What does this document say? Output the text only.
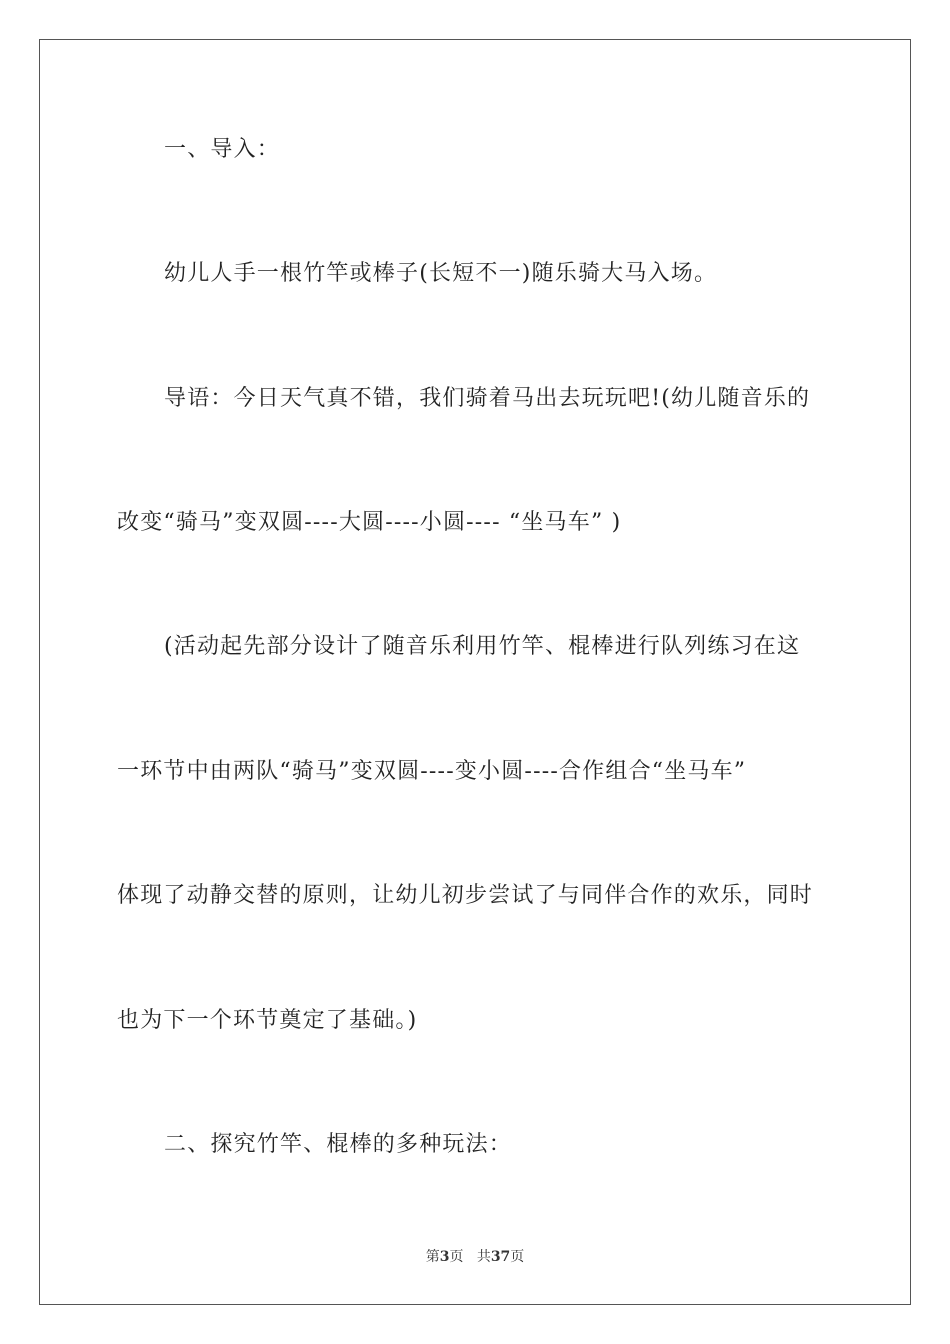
一、导入：
幼儿人手一根竹竿或棒子(长短不一)随乐骑大马入场。
导语：今日天气真不错，我们骑着马出去玩玩吧!(幼儿随音乐的
改变“骑马”变双圆----大圆----小圆---- “坐马车” )
(活动起先部分设计了随音乐利用竹竿、棍棒进行队列练习在这
一环节中由两队“骑马”变双圆----变小圆----合作组合“坐马车”
体现了动静交替的原则，让幼儿初步尝试了与同伴合作的欢乐，同时
也为下一个环节奠定了基础。)
二、探究竹竿、棍棒的多种玩法：
第3页 共37页
